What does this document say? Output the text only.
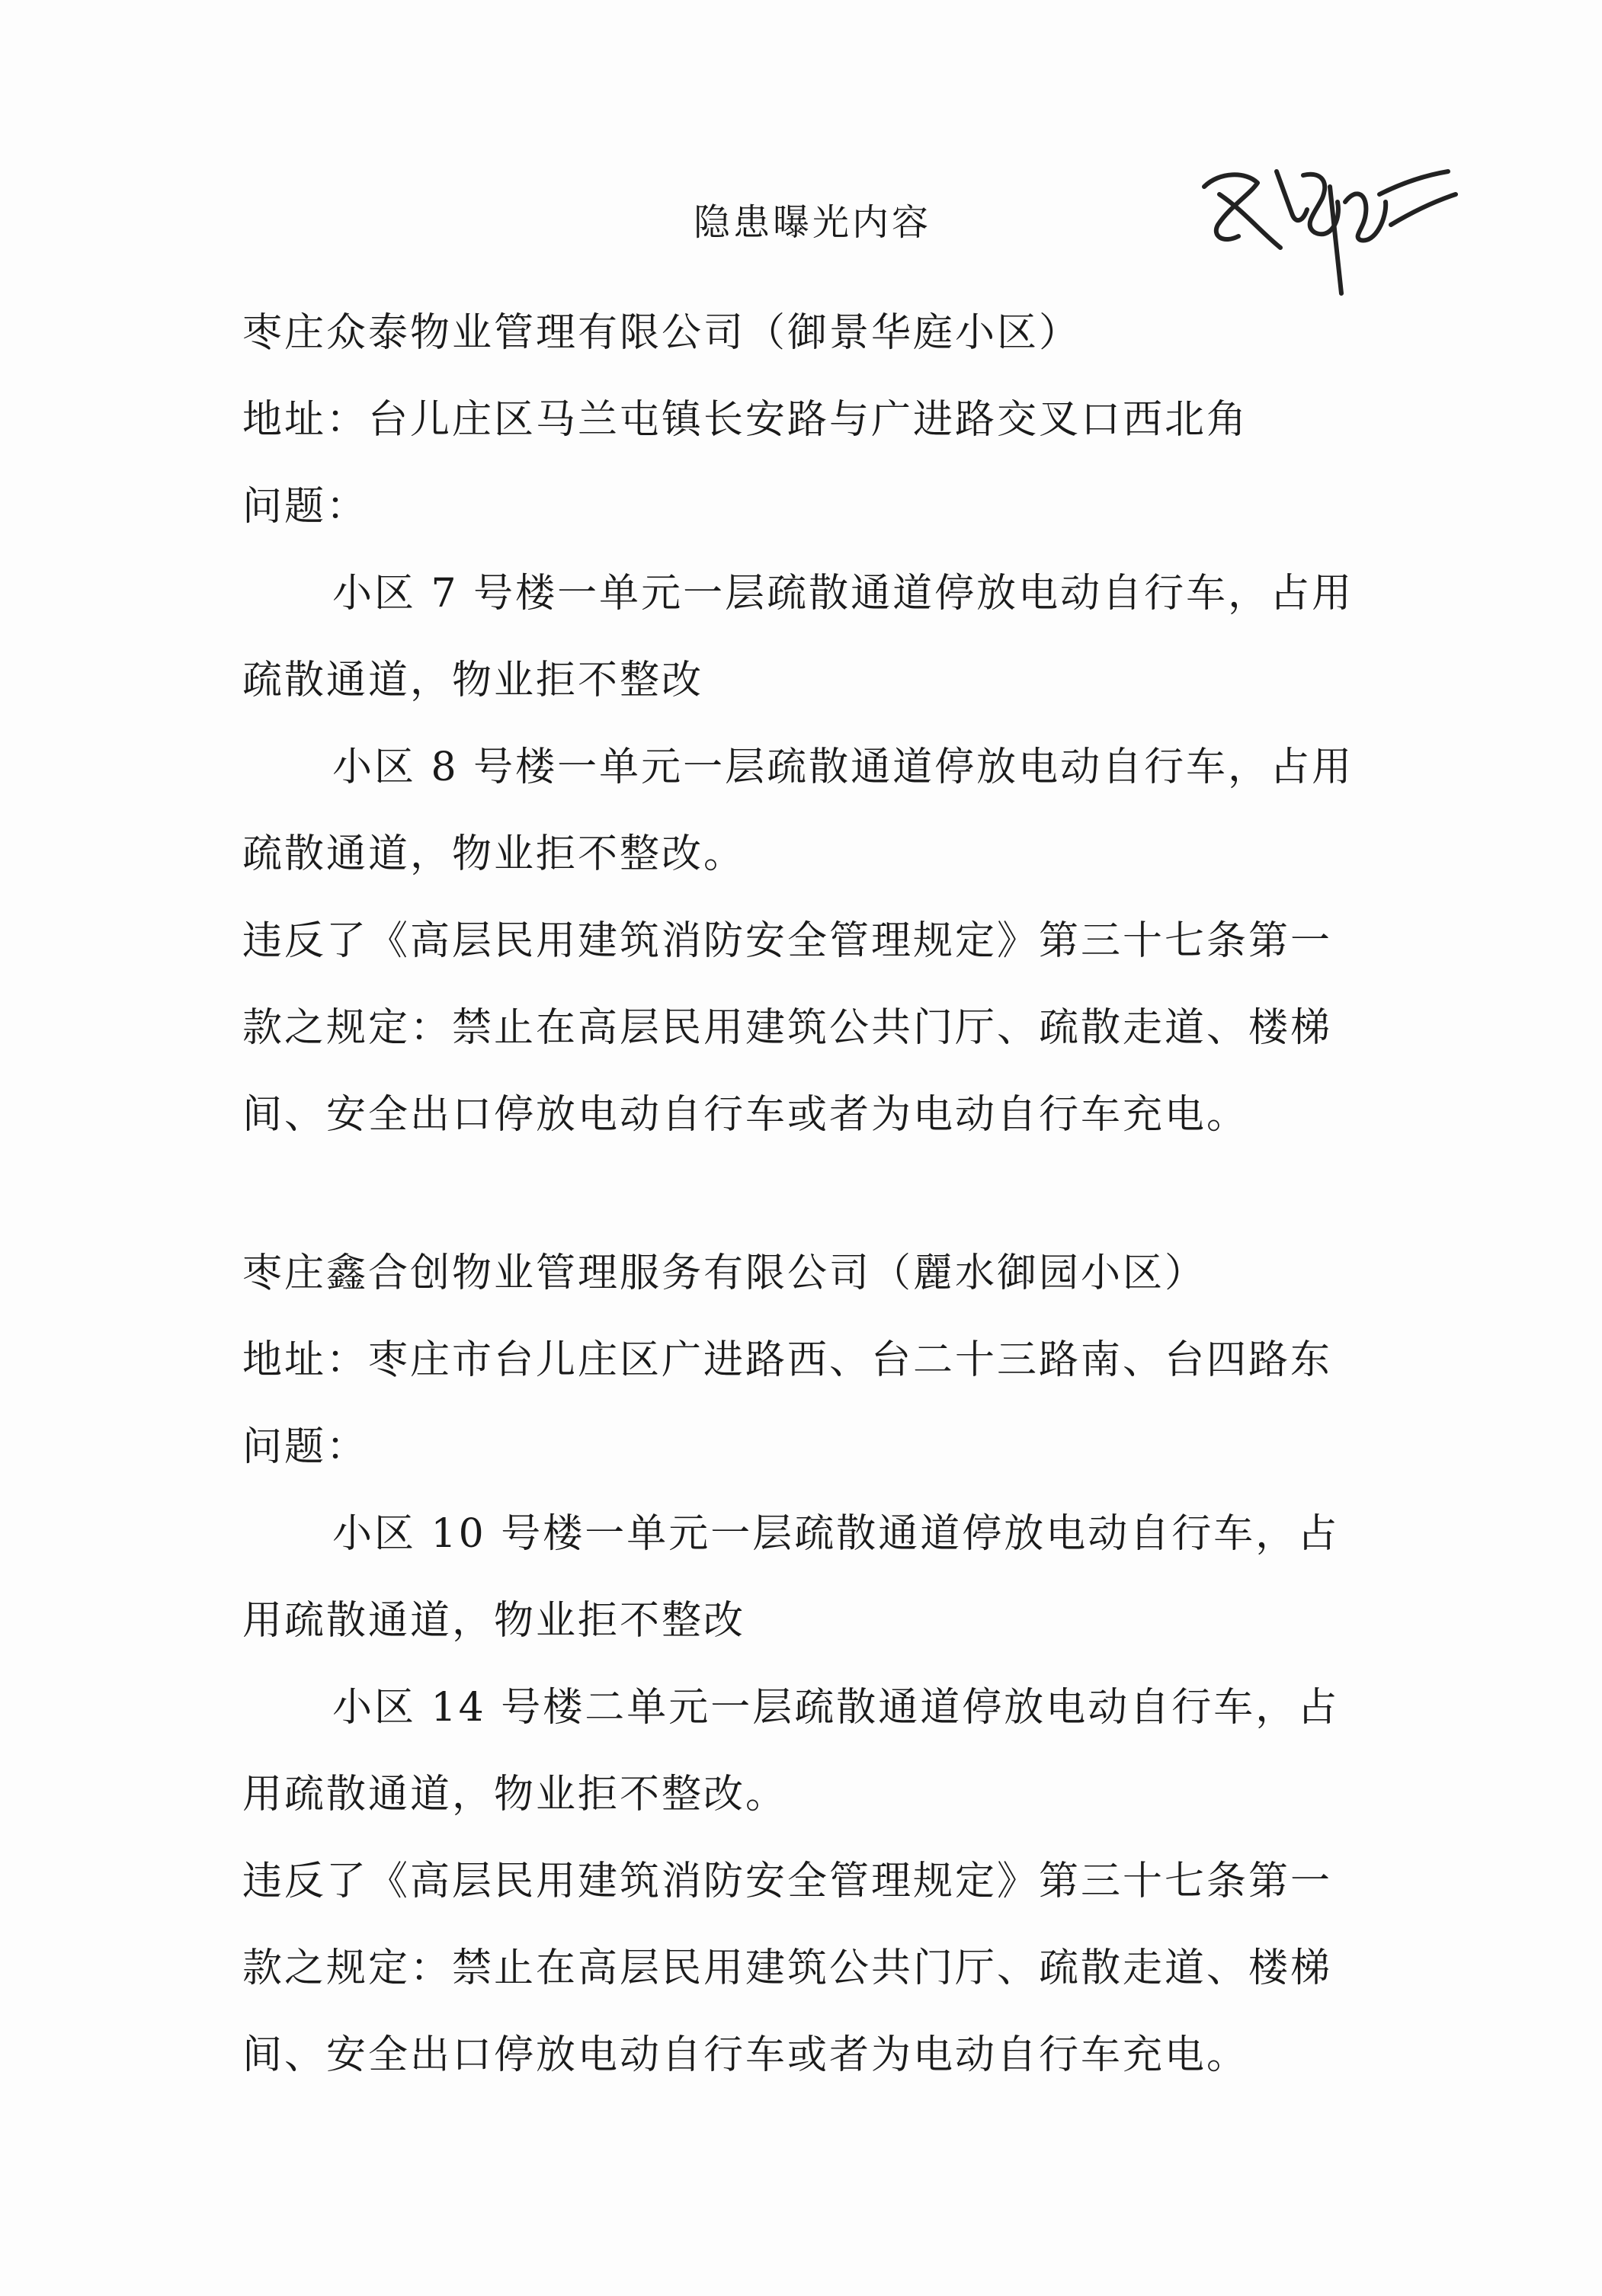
隐患曝光内容
枣庄众泰物业管理有限公司（御景华庭小区）
地址：台儿庄区马兰屯镇长安路与广进路交叉口西北角
问题：
小区 7 号楼一单元一层疏散通道停放电动自行车，占用
疏散通道，物业拒不整改
小区 8 号楼一单元一层疏散通道停放电动自行车，占用
疏散通道，物业拒不整改。
违反了《高层民用建筑消防安全管理规定》第三十七条第一
款之规定：禁止在高层民用建筑公共门厅、疏散走道、楼梯
间、安全出口停放电动自行车或者为电动自行车充电。
枣庄鑫合创物业管理服务有限公司（麗水御园小区）
地址：枣庄市台儿庄区广进路西、台二十三路南、台四路东
问题：
小区 10 号楼一单元一层疏散通道停放电动自行车，占
用疏散通道，物业拒不整改
小区 14 号楼二单元一层疏散通道停放电动自行车，占
用疏散通道，物业拒不整改。
违反了《高层民用建筑消防安全管理规定》第三十七条第一
款之规定：禁止在高层民用建筑公共门厅、疏散走道、楼梯
间、安全出口停放电动自行车或者为电动自行车充电。
